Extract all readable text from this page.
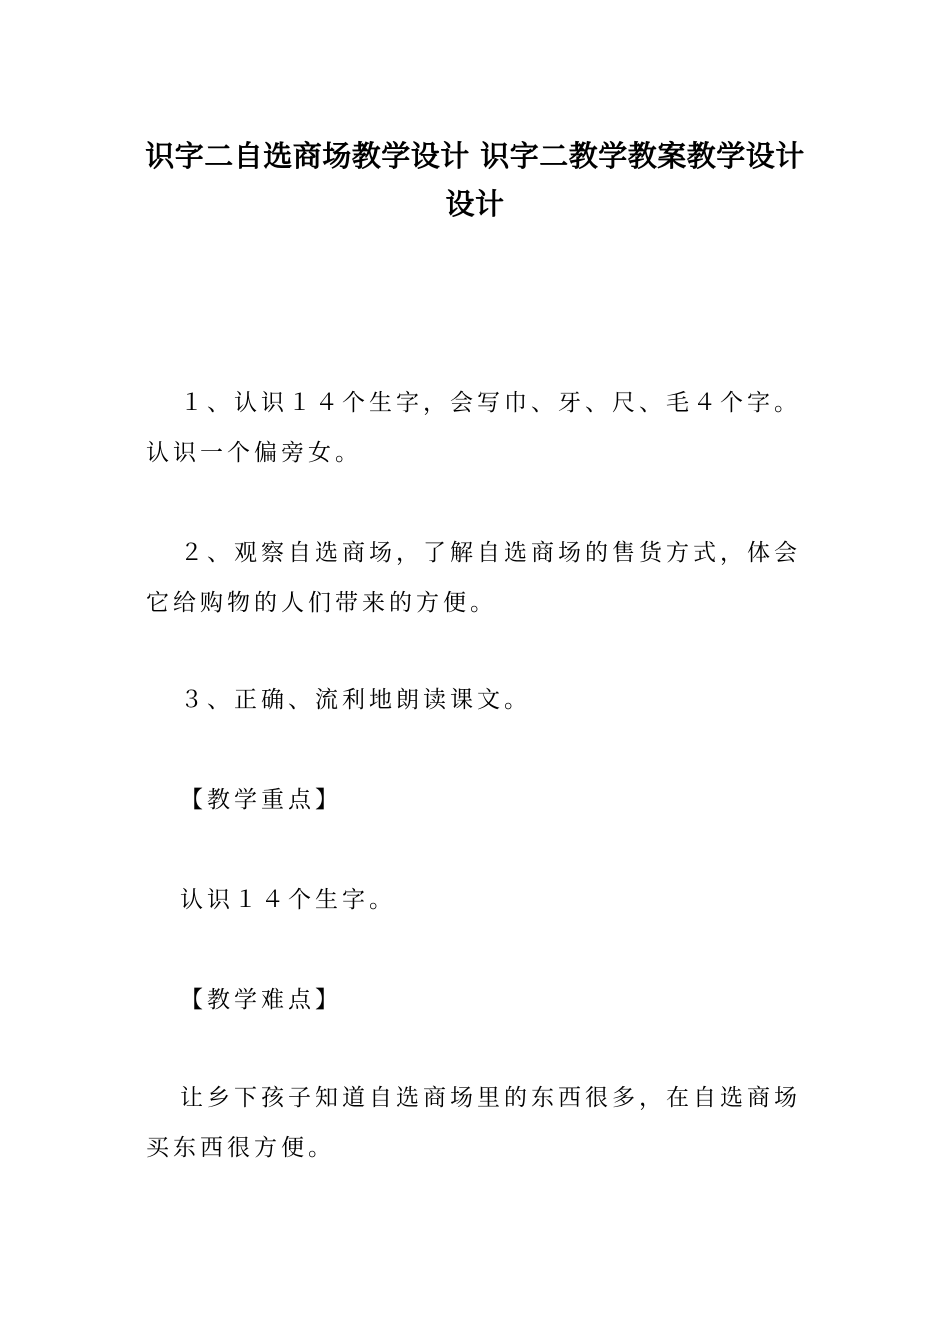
识字二自选商场教学设计 识字二教学教案教学设计设计

１、认识１４个生字，会写巾、牙、尺、毛４个字。认识一个偏旁女。

２、观察自选商场，了解自选商场的售货方式，体会它给购物的人们带来的方便。

３、正确、流利地朗读课文。

【教学重点】

认识１４个生字。

【教学难点】

让乡下孩子知道自选商场里的东西很多，在自选商场买东西很方便。
